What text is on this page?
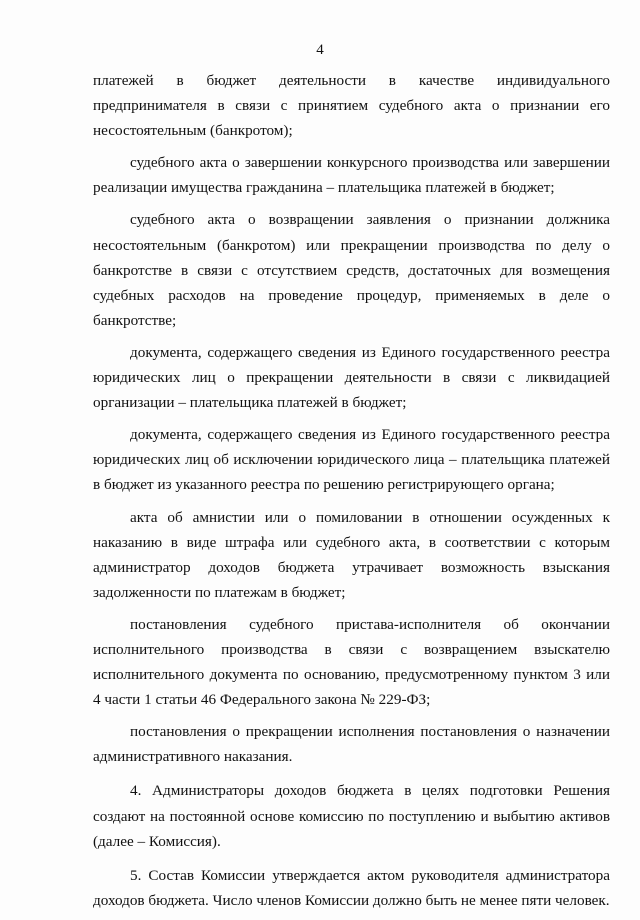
4

платежей в бюджет деятельности в качестве индивидуального предпринимателя в связи с принятием судебного акта о признании его несостоятельным (банкротом);

судебного акта о завершении конкурсного производства или завершении реализации имущества гражданина – плательщика платежей в бюджет;

судебного акта о возвращении заявления о признании должника несостоятельным (банкротом) или прекращении производства по делу о банкротстве в связи с отсутствием средств, достаточных для возмещения судебных расходов на проведение процедур, применяемых в деле о банкротстве;

документа, содержащего сведения из Единого государственного реестра юридических лиц о прекращении деятельности в связи с ликвидацией организации – плательщика платежей в бюджет;

документа, содержащего сведения из Единого государственного реестра юридических лиц об исключении юридического лица – плательщика платежей в бюджет из указанного реестра по решению регистрирующего органа;

акта об амнистии или о помиловании в отношении осужденных к наказанию в виде штрафа или судебного акта, в соответствии с которым администратор доходов бюджета утрачивает возможность взыскания задолженности по платежам в бюджет;

постановления судебного пристава-исполнителя об окончании исполнительного производства в связи с возвращением взыскателю исполнительного документа по основанию, предусмотренному пунктом 3 или 4 части 1 статьи 46 Федерального закона № 229-ФЗ;

постановления о прекращении исполнения постановления о назначении административного наказания.

4. Администраторы доходов бюджета в целях подготовки Решения создают на постоянной основе комиссию по поступлению и выбытию активов (далее – Комиссия).

5. Состав Комиссии утверждается актом руководителя администратора доходов бюджета. Число членов Комиссии должно быть не менее пяти человек.
